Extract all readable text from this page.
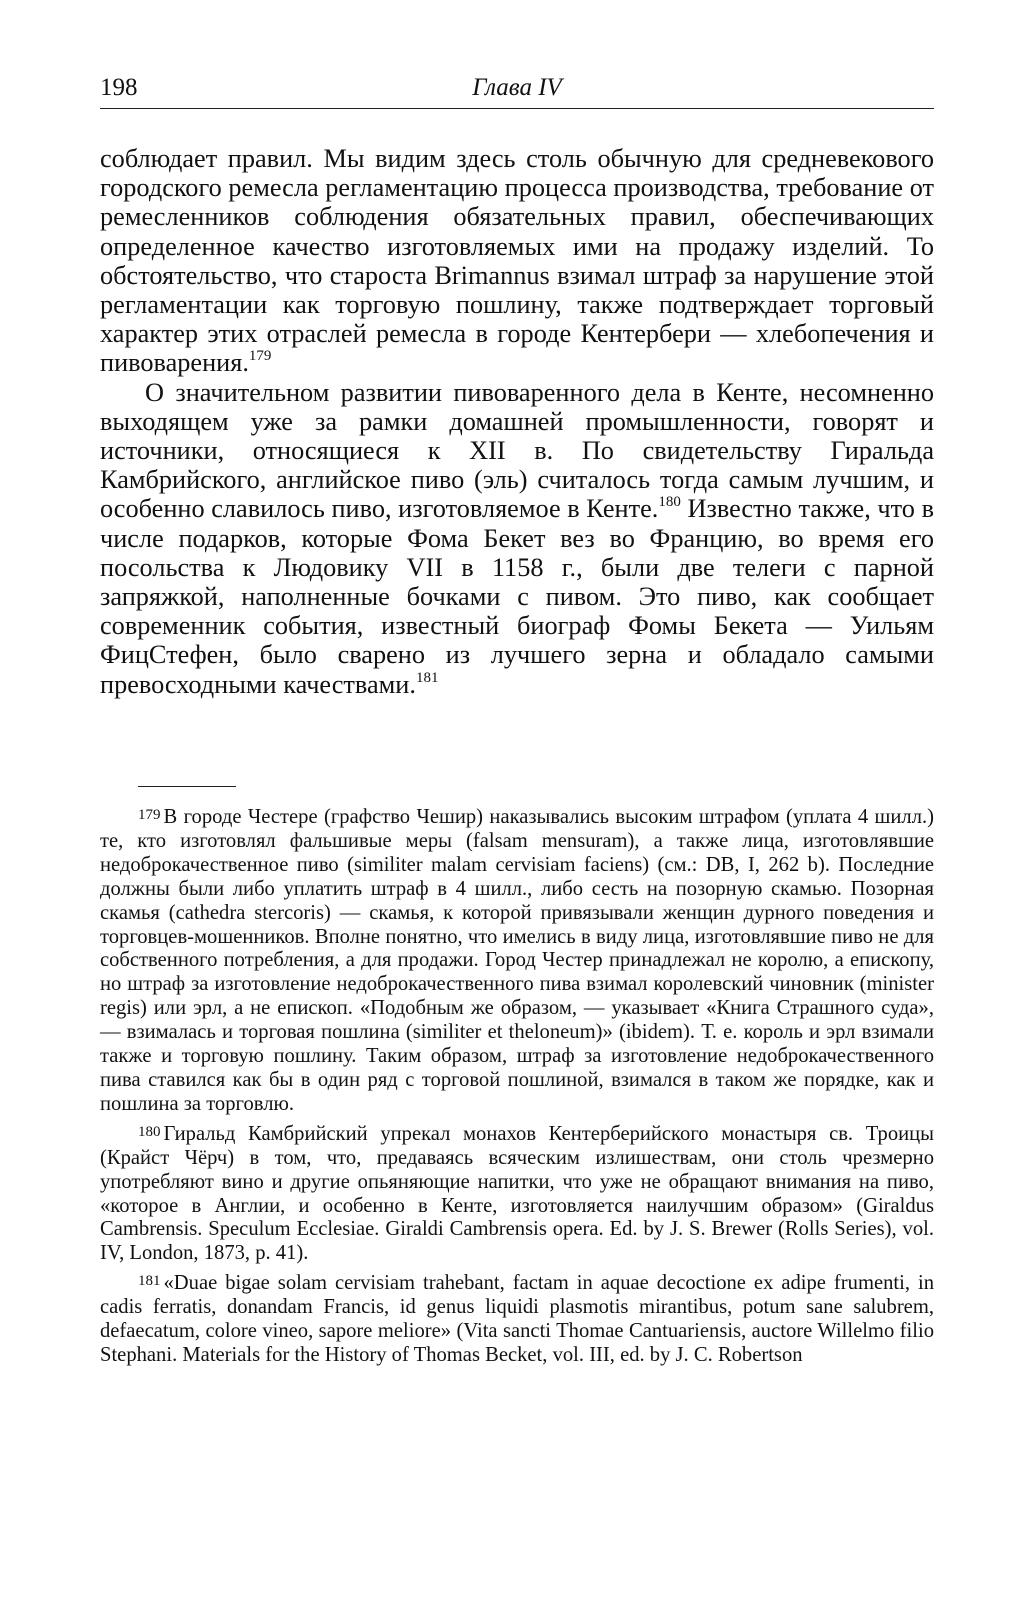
198	Глава IV

соблюдает правил. Мы видим здесь столь обычную для средневекового городского ремесла регламентацию процесса производства, требование от ремесленников соблюдения обязательных правил, обеспечивающих определенное качество изготовляемых ими на продажу изделий. То обстоятельство, что староста Brimannus взимал штраф за нарушение этой регламентации как торговую пошлину, также подтверждает торговый характер этих отраслей ремесла в городе Кентербери — хлебопечения и пивоварения.$^{179}$

О значительном развитии пивоваренного дела в Кенте, несомненно выходящем уже за рамки домашней промышленности, говорят и источники, относящиеся к XII в. По свидетельству Гиральда Камбрийского, английское пиво (эль) считалось тогда самым лучшим, и особенно славилось пиво, изготовляемое в Кенте.$^{180}$ Известно также, что в числе подарков, которые Фома Бекет вез во Францию, во время его посольства к Людовику VII в 1158 г., были две телеги с парной запряжкой, наполненные бочками с пивом. Это пиво, как сообщает современник события, известный биограф Фомы Бекета — Уильям ФицСтефен, было сварено из лучшего зерна и обладало самыми превосходными качествами.$^{181}$

179 В городе Честере (графство Чешир) наказывались высоким штрафом (уплата 4 шилл.) те, кто изготовлял фальшивые меры (falsam mensuram), а также лица, изготовлявшие недоброкачественное пиво (similiter malam cervisiam faciens) (см.: DB, I, 262 b). Последние должны были либо уплатить штраф в 4 шилл., либо сесть на позорную скамью. Позорная скамья (cathedra stercoris) — скамья, к которой привязывали женщин дурного поведения и торговцев-мошенников. Вполне понятно, что имелись в виду лица, изготовлявшие пиво не для собственного потребления, а для продажи. Город Честер принадлежал не королю, а епископу, но штраф за изготовление недоброкачественного пива взимал королевский чиновник (minister regis) или эрл, а не епископ. «Подобным же образом, — указывает «Книга Страшного суда», — взималась и торговая пошлина (similiter et theloneum)» (ibidem). Т. е. король и эрл взимали также и торговую пошлину. Таким образом, штраф за изготовление недоброкачественного пива ставился как бы в один ряд с торговой пошлиной, взимался в таком же порядке, как и пошлина за торговлю.

180 Гиральд Камбрийский упрекал монахов Кентерберийского монастыря св. Троицы (Крайст Чёрч) в том, что, предаваясь всяческим излишествам, они столь чрезмерно употребляют вино и другие опьяняющие напитки, что уже не обращают внимания на пиво, «которое в Англии, и особенно в Кенте, изготовляется наилучшим образом» (Giraldus Cambrensis. Speculum Ecclesiae. Giraldi Cambrensis opera. Ed. by J. S. Brewer (Rolls Series), vol. IV, London, 1873, p. 41).

181 «Duae bigae solam cervisiam trahebant, factam in aquae decoctione ex adipe frumenti, in cadis ferratis, donandam Francis, id genus liquidi plasmotis mirantibus, potum sane salubrem, defaecatum, colore vineo, sapore meliore» (Vita sancti Thomae Cantuariensis, auctore Willelmo filio Stephani. Materials for the History of Thomas Becket, vol. III, ed. by J. C. Robertson
